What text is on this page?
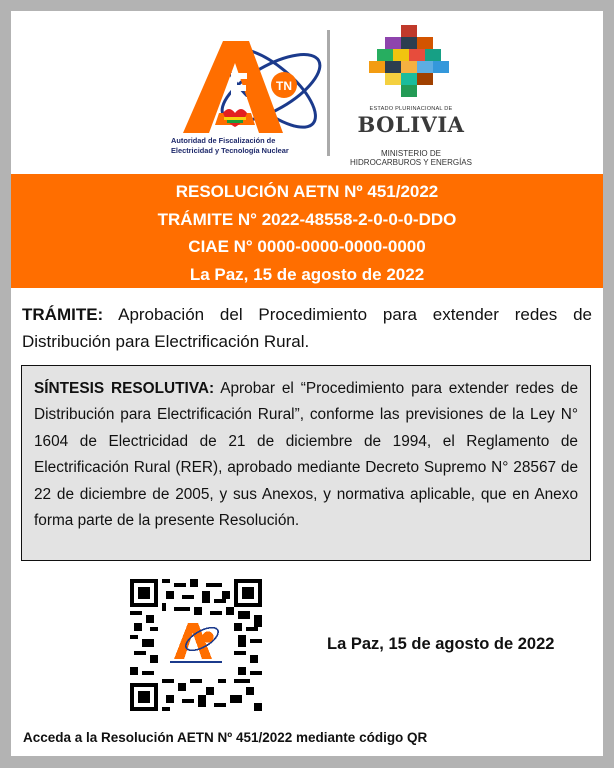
TN
Autoridad de Fiscalización de
Electricidad y Tecnología Nuclear
ESTADO PLURINACIONAL DE
BOLIVIA
MINISTERIO DE
HIDROCARBUROS Y ENERGÍAS
RESOLUCIÓN AETN Nº 451/2022
TRÁMITE N° 2022-48558-2-0-0-0-DDO
CIAE N° 0000-0000-0000-0000
La Paz, 15 de agosto de 2022
TRÁMITE: Aprobación del Procedimiento para extender redes de Distribución para Electrificación Rural.
SÍNTESIS RESOLUTIVA: Aprobar el “Procedimiento para extender redes de Distribución para Electrificación Rural”, conforme las previsiones de la Ley N° 1604 de Electricidad de 21 de diciembre de 1994, el Reglamento de Electrificación Rural (RER), aprobado mediante Decreto Supremo N° 28567 de 22 de diciembre de 2005, y sus Anexos, y normativa aplicable, que en Anexo forma parte de la presente Resolución.
La Paz, 15 de agosto de 2022
Acceda a la Resolución AETN Nº 451/2022 mediante código QR
